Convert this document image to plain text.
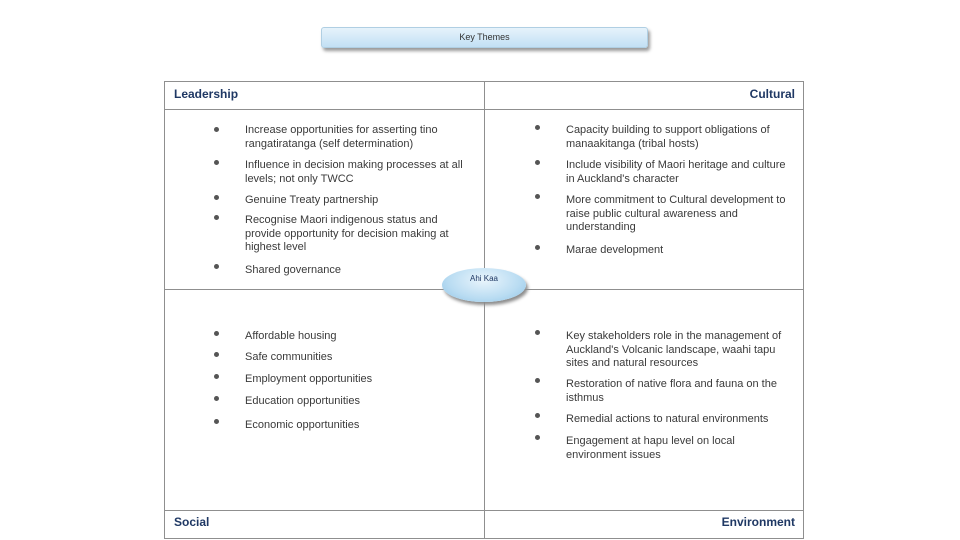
Key Themes
Leadership	Cultural
Social	Environment
Increase opportunities for asserting tino rangatiratanga (self determination)
Influence in decision making processes at all levels; not only TWCC
Genuine Treaty partnership
Recognise Maori indigenous status and provide opportunity for decision making at highest level
Shared governance
Capacity building to support obligations of manaakitanga (tribal hosts)
Include visibility of Maori heritage and culture in Auckland's character
More commitment to Cultural development to raise public cultural awareness and understanding
Marae development
Affordable housing
Safe communities
Employment opportunities
Education opportunities
Economic opportunities
Key stakeholders role in the management of Auckland's Volcanic landscape, waahi tapu sites and natural resources
Restoration of native flora and fauna on the isthmus
Remedial actions to natural environments
Engagement at hapu level on local environment issues
Ahi Kaa
